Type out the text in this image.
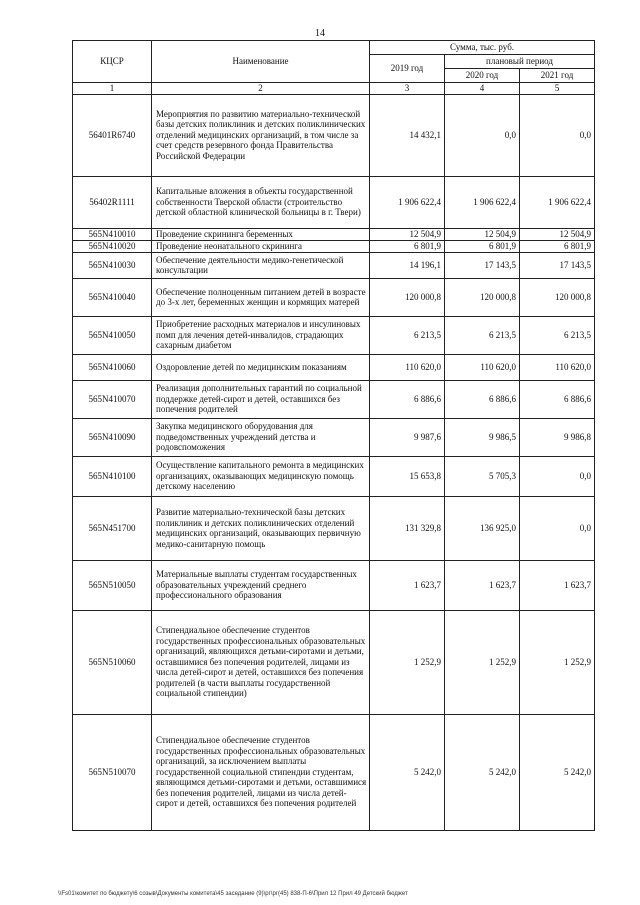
14
КЦСР	Наименование	Сумма, тыс. руб.		
		2019 год	плановый период	
			2020 год	2021 год
1	2	3	4	5
56401R6740	Мероприятия по развитию материально-технической базы детских поликлиник и детских поликлинических отделений медицинских организаций, в том числе за счет средств резервного фонда Правительства Российской Федерации	14 432,1	0,0	0,0
56402R1111	Капитальные вложения в объекты государственной собственности Тверской области (строительство детской областной клинической больницы в г. Твери)	1 906 622,4	1 906 622,4	1 906 622,4
565N410010	Проведение скрининга беременных	12 504,9	12 504,9	12 504,9
565N410020	Проведение неонатального скрининга	6 801,9	6 801,9	6 801,9
565N410030	Обеспечение деятельности медико-генетической консультации	14 196,1	17 143,5	17 143,5
565N410040	Обеспечение полноценным питанием детей в возрасте до 3-х лет, беременных женщин и кормящих матерей	120 000,8	120 000,8	120 000,8
565N410050	Приобретение расходных материалов и инсулиновых помп для лечения детей-инвалидов, страдающих сахарным диабетом	6 213,5	6 213,5	6 213,5
565N410060	Оздоровление детей по медицинским показаниям	110 620,0	110 620,0	110 620,0
565N410070	Реализация дополнительных гарантий по социальной поддержке детей-сирот и детей, оставшихся без попечения родителей	6 886,6	6 886,6	6 886,6
565N410090	Закупка медицинского оборудования для подведомственных учреждений детства и родовспоможения	9 987,6	9 986,5	9 986,8
565N410100	Осуществление капитального ремонта в медицинских организациях, оказывающих медицинскую помощь детскому населению	15 653,8	5 705,3	0,0
565N451700	Развитие материально-технической базы детских поликлиник и детских поликлинических отделений медицинских организаций, оказывающих первичную медико-санитарную помощь	131 329,8	136 925,0	0,0
565N510050	Материальные выплаты студентам государственных образовательных учреждений среднего профессионального образования	1 623,7	1 623,7	1 623,7
565N510060	Стипендиальное обеспечение студентов государственных профессиональных образовательных организаций, являющихся детьми-сиротами и детьми, оставшимися без попечения родителей, лицами из числа детей-сирот и детей, оставшихся без попечения родителей (в части выплаты государственной социальной стипендии)	1 252,9	1 252,9	1 252,9
565N510070	Стипендиальное обеспечение студентов государственных профессиональных образовательных организаций, за исключением выплаты государственной социальной стипендии студентам, являющимся детьми-сиротами и детьми, оставшимися без попечения родителей, лицами из числа детей-сирот и детей, оставшихся без попечения родителей	5 242,0	5 242,0	5 242,0
\\Fs01\комитет по бюджету\6 созыв\Документы комитета\45 заседание (9)\рг\рг(45) 838-П-6\Прил 12 Прил 49 Детский бюджет
